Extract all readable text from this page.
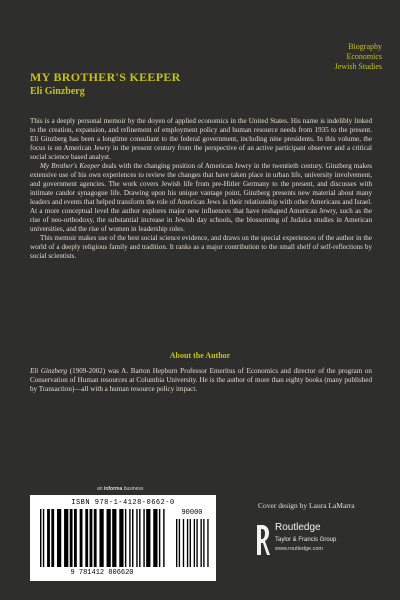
Biography
Economics
Jewish Studies
MY BROTHER'S KEEPER
Eli Ginzberg

This is a deeply personal memoir by the doyen of applied economics in the United States. His name is indelibly linked to the creation, expansion, and refinement of employment policy and human resource needs from 1935 to the present. Eli Ginzberg has been a longtime consultant to the federal government, including nine presidents. In this volume, the focus is on American Jewry in the present century from the perspective of an active participant observer and a critical social science based analyst.

My Brother's Keeper deals with the changing position of American Jewry in the twentieth century. Ginzberg makes extensive use of his own experiences to review the changes that have taken place in urban life, university involvement, and government agencies. The work covers Jewish life from pre-Hitler Germany to the present, and discusses with intimate candor synagogue life. Drawing upon his unique vantage point, Ginzberg presents new material about many leaders and events that helped transform the role of American Jews in their relationship with other Americans and Israel. At a more conceptual level the author explores major new influences that have reshaped American Jewry, such as the rise of neo-orthodoxy, the substantial increase in Jewish day schools, the blossoming of Judaica studies in American universities, and the rise of women in leadership roles.

This memoir makes use of the best social science evidence, and draws on the special experiences of the author in the world of a deeply religious family and tradition. It ranks as a major contribution to the small shelf of self-reflections by social scientists.

About the Author

Eli Ginzberg (1909-2002) was A. Barton Hepburn Professor Emeritus of Economics and director of the program on Conservation of Human resources at Columbia University. He is the author of more than eighty books (many published by Transaction)—all with a human resource policy impact.

an informa business
ISBN 978-1-4128-0662-0
9 781412 806620
90000
Cover design by Laura LaMarra
Routledge
Taylor & Francis Group
www.routledge.com
